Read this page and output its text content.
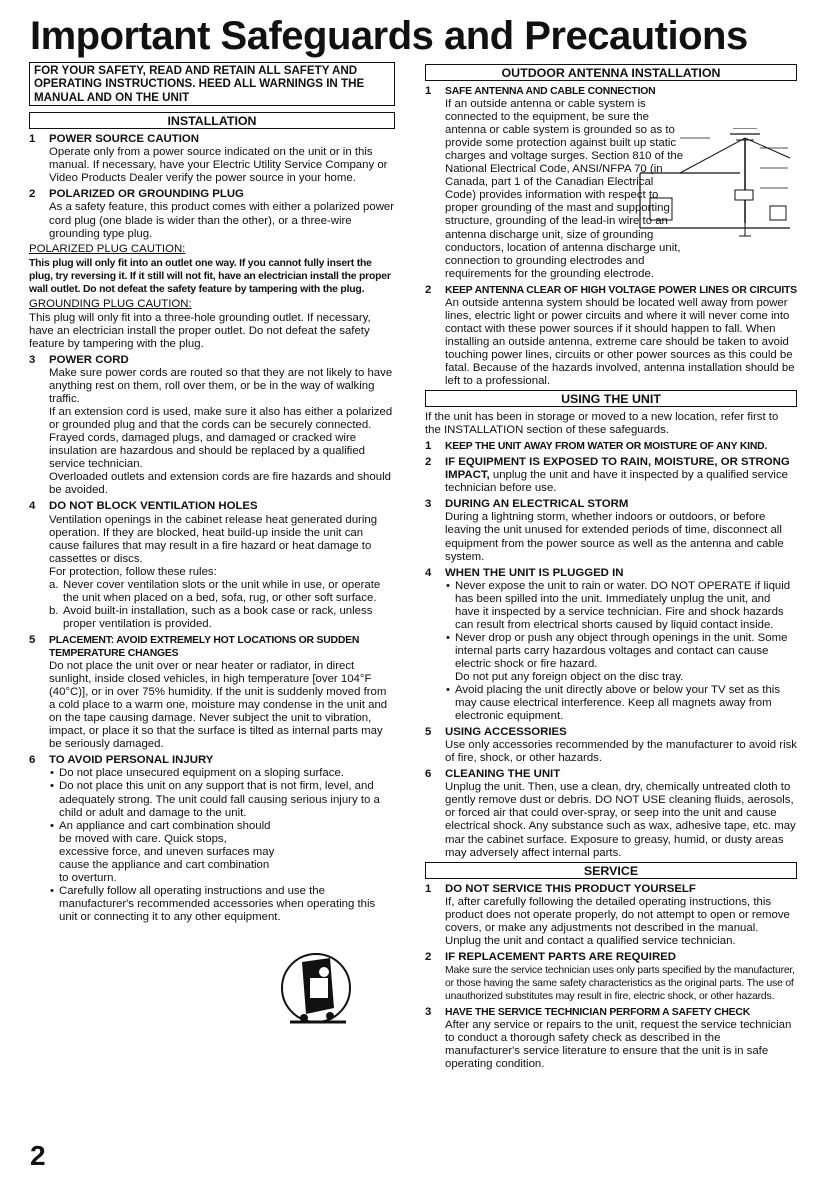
Important Safeguards and Precautions
FOR YOUR SAFETY, READ AND RETAIN ALL SAFETY AND OPERATING INSTRUCTIONS. HEED ALL WARNINGS IN THE MANUAL AND ON THE UNIT
INSTALLATION
1 POWER SOURCE CAUTION
Operate only from a power source indicated on the unit or in this manual. If necessary, have your Electric Utility Service Company or Video Products Dealer verify the power source in your home.
2 POLARIZED OR GROUNDING PLUG
As a safety feature, this product comes with either a polarized power cord plug (one blade is wider than the other), or a three-wire grounding type plug.
POLARIZED PLUG CAUTION:
This plug will only fit into an outlet one way. If you cannot fully insert the plug, try reversing it. If it still will not fit, have an electrician install the proper wall outlet. Do not defeat the safety feature by tampering with the plug.
GROUNDING PLUG CAUTION:
This plug will only fit into a three-hole grounding outlet. If necessary, have an electrician install the proper outlet. Do not defeat the safety feature by tampering with the plug.
3 POWER CORD
Make sure power cords are routed so that they are not likely to have anything rest on them, roll over them, or be in the way of walking traffic.
If an extension cord is used, make sure it also has either a polarized or grounded plug and that the cords can be securely connected.
Frayed cords, damaged plugs, and damaged or cracked wire insulation are hazardous and should be replaced by a qualified service technician.
Overloaded outlets and extension cords are fire hazards and should be avoided.
4 DO NOT BLOCK VENTILATION HOLES
Ventilation openings in the cabinet release heat generated during operation. If they are blocked, heat build-up inside the unit can cause failures that may result in a fire hazard or heat damage to cassettes or discs.
For protection, follow these rules:
a. Never cover ventilation slots or the unit while in use, or operate the unit when placed on a bed, sofa, rug, or other soft surface.
b. Avoid built-in installation, such as a book case or rack, unless proper ventilation is provided.
5 PLACEMENT: AVOID EXTREMELY HOT LOCATIONS OR SUDDEN TEMPERATURE CHANGES
Do not place the unit over or near heater or radiator, in direct sunlight, inside closed vehicles, in high temperature [over 104°F (40°C)], or in over 75% humidity. If the unit is suddenly moved from a cold place to a warm one, moisture may condense in the unit and on the tape causing damage. Never subject the unit to vibration, impact, or place it so that the surface is tilted as internal parts may be seriously damaged.
6 TO AVOID PERSONAL INJURY
• Do not place unsecured equipment on a sloping surface.
• Do not place this unit on any support that is not firm, level, and adequately strong. The unit could fall causing serious injury to a child or adult and damage to the unit.
• An appliance and cart combination should be moved with care. Quick stops, excessive force, and uneven surfaces may cause the appliance and cart combination to overturn.
• Carefully follow all operating instructions and use the manufacturer's recommended accessories when operating this unit or connecting it to any other equipment.
OUTDOOR ANTENNA INSTALLATION
1 SAFE ANTENNA AND CABLE CONNECTION
If an outside antenna or cable system is connected to the equipment, be sure the antenna or cable system is grounded so as to provide some protection against built up static charges and voltage surges. Section 810 of the National Electrical Code, ANSI/NFPA 70 (in Canada, part 1 of the Canadian Electrical Code) provides information with respect to proper grounding of the mast and supporting structure, grounding of the lead-in wire to an antenna discharge unit, size of grounding conductors, location of antenna discharge unit, connection to grounding electrodes and requirements for the grounding electrode.
2 KEEP ANTENNA CLEAR OF HIGH VOLTAGE POWER LINES OR CIRCUITS
An outside antenna system should be located well away from power lines, electric light or power circuits and where it will never come into contact with these power sources if it should happen to fall. When installing an outside antenna, extreme care should be taken to avoid touching power lines, circuits or other power sources as this could be fatal. Because of the hazards involved, antenna installation should be left to a professional.
USING THE UNIT
If the unit has been in storage or moved to a new location, refer first to the INSTALLATION section of these safeguards.
1 KEEP THE UNIT AWAY FROM WATER OR MOISTURE OF ANY KIND.
2 IF EQUIPMENT IS EXPOSED TO RAIN, MOISTURE, OR STRONG IMPACT, unplug the unit and have it inspected by a qualified service technician before use.
3 DURING AN ELECTRICAL STORM
During a lightning storm, whether indoors or outdoors, or before leaving the unit unused for extended periods of time, disconnect all equipment from the power source as well as the antenna and cable system.
4 WHEN THE UNIT IS PLUGGED IN
• Never expose the unit to rain or water. DO NOT OPERATE if liquid has been spilled into the unit. Immediately unplug the unit, and have it inspected by a service technician. Fire and shock hazards can result from electrical shorts caused by liquid contact inside.
• Never drop or push any object through openings in the unit. Some internal parts carry hazardous voltages and contact can cause electric shock or fire hazard.
Do not put any foreign object on the disc tray.
• Avoid placing the unit directly above or below your TV set as this may cause electrical interference. Keep all magnets away from electronic equipment.
5 USING ACCESSORIES
Use only accessories recommended by the manufacturer to avoid risk of fire, shock, or other hazards.
6 CLEANING THE UNIT
Unplug the unit. Then, use a clean, dry, chemically untreated cloth to gently remove dust or debris. DO NOT USE cleaning fluids, aerosols, or forced air that could over-spray, or seep into the unit and cause electrical shock. Any substance such as wax, adhesive tape, etc. may mar the cabinet surface. Exposure to greasy, humid, or dusty areas may adversely affect internal parts.
SERVICE
1 DO NOT SERVICE THIS PRODUCT YOURSELF
If, after carefully following the detailed operating instructions, this product does not operate properly, do not attempt to open or remove covers, or make any adjustments not described in the manual. Unplug the unit and contact a qualified service technician.
2 IF REPLACEMENT PARTS ARE REQUIRED
Make sure the service technician uses only parts specified by the manufacturer, or those having the same safety characteristics as the original parts. The use of unauthorized substitutes may result in fire, electric shock, or other hazards.
3 HAVE THE SERVICE TECHNICIAN PERFORM A SAFETY CHECK
After any service or repairs to the unit, request the service technician to conduct a thorough safety check as described in the manufacturer's service literature to ensure that the unit is in safe operating condition.
2
